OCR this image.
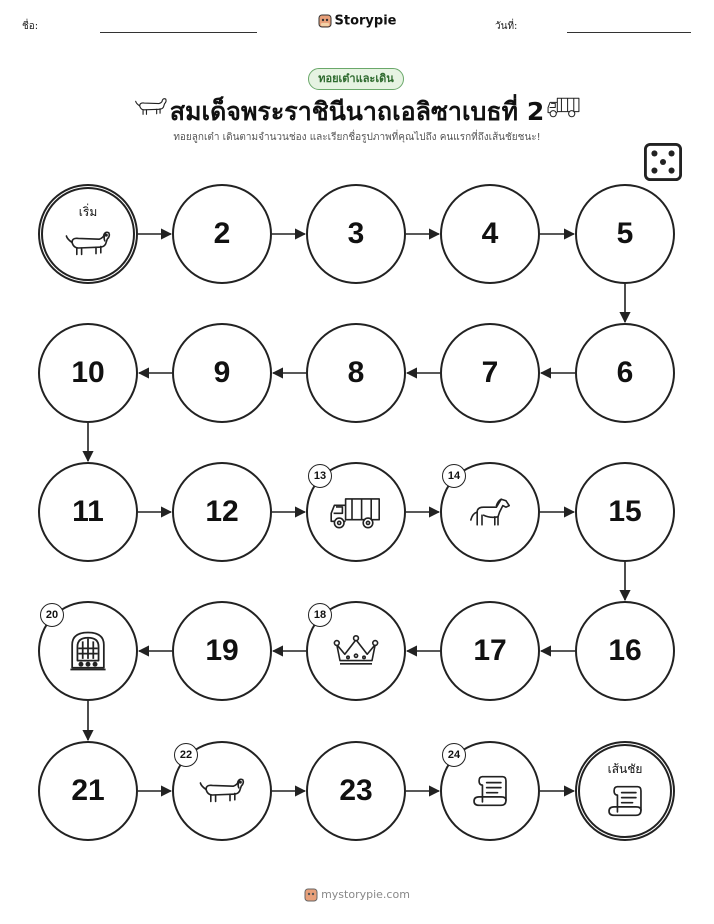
ชื่อ:	Storypie	วันที่:
ทอยเต๋าและเดิน
สมเด็จพระราชินีนาถเอลิซาเบธที่ 2
ทอยลูกเต๋า เดินตามจำนวนช่อง และเรียกชื่อรูปภาพที่คุณไปถึง คนแรกที่ถึงเส้นชัยชนะ!
เริ่ม
2	3	4	5
6
7
8
9
10
11	12
13	14
15
16
17
18
19
20
21
22
23
24
เส้นชัย
mystorypie.com
